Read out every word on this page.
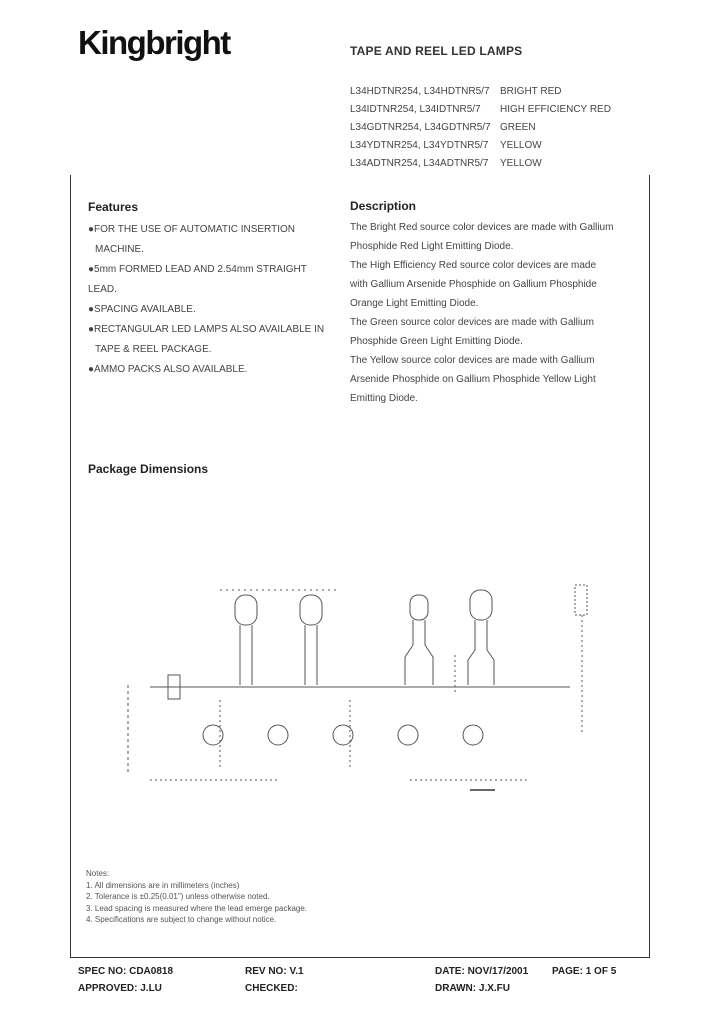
Kingbright	TAPE AND REEL LED LAMPS
L34HDTNR254, L34HDTNR5/7 BRIGHT RED
L34IDTNR254, L34IDTNR5/7 HIGH EFFICIENCY RED
L34GDTNR254, L34GDTNR5/7 GREEN
L34YDTNR254, L34YDTNR5/7 YELLOW
L34ADTNR254, L34ADTNR5/7 YELLOW
Features
●FOR THE USE OF AUTOMATIC INSERTION
MACHINE.
●5mm FORMED LEAD AND 2.54mm STRAIGHT LEAD.
●SPACING AVAILABLE.
●RECTANGULAR LED LAMPS ALSO AVAILABLE IN
TAPE & REEL PACKAGE.
●AMMO PACKS ALSO AVAILABLE.
Description
The Bright Red source color devices are made with Gallium
Phosphide Red Light Emitting Diode.
The High Efficiency Red source color devices are made
with Gallium Arsenide Phosphide on Gallium Phosphide
Orange Light Emitting Diode.
The Green source color devices are made with Gallium
Phosphide Green Light Emitting Diode.
The Yellow source color devices are made with Gallium
Arsenide Phosphide on Gallium Phosphide Yellow Light
Emitting Diode.
Package Dimensions
Notes:
1. All dimensions are in millimeters (inches)
2. Tolerance is ±0.25(0.01") unless otherwise noted.
3. Lead spacing is measured where the lead emerge package.
4. Specifications are subject to change without notice.
SPEC NO: CDA0818	REV NO: V.1	DATE: NOV/17/2001 PAGE: 1 OF 5
APPROVED: J.LU	CHECKED:	DRAWN: J.X.FU
